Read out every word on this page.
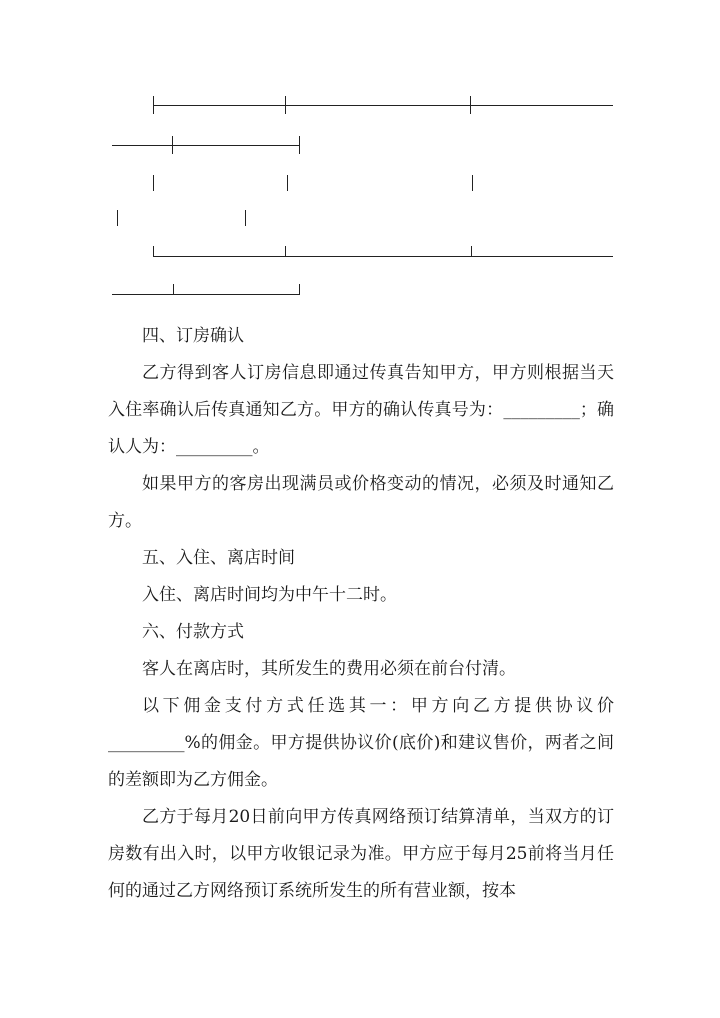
四、订房确认

乙方得到客人订房信息即通过传真告知甲方，甲方则根据当天入住率确认后传真通知乙方。甲方的确认传真号为：_________；确认人为：_________。

如果甲方的客房出现满员或价格变动的情况，必须及时通知乙方。

五、入住、离店时间

入住、离店时间均为中午十二时。

六、付款方式

客人在离店时，其所发生的费用必须在前台付清。

以下佣金支付方式任选其一：甲方向乙方提供协议价_________%的佣金。甲方提供协议价(底价)和建议售价，两者之间的差额即为乙方佣金。

乙方于每月20日前向甲方传真网络预订结算清单，当双方的订房数有出入时，以甲方收银记录为准。甲方应于每月25前将当月任何的通过乙方网络预订系统所发生的所有营业额，按本
